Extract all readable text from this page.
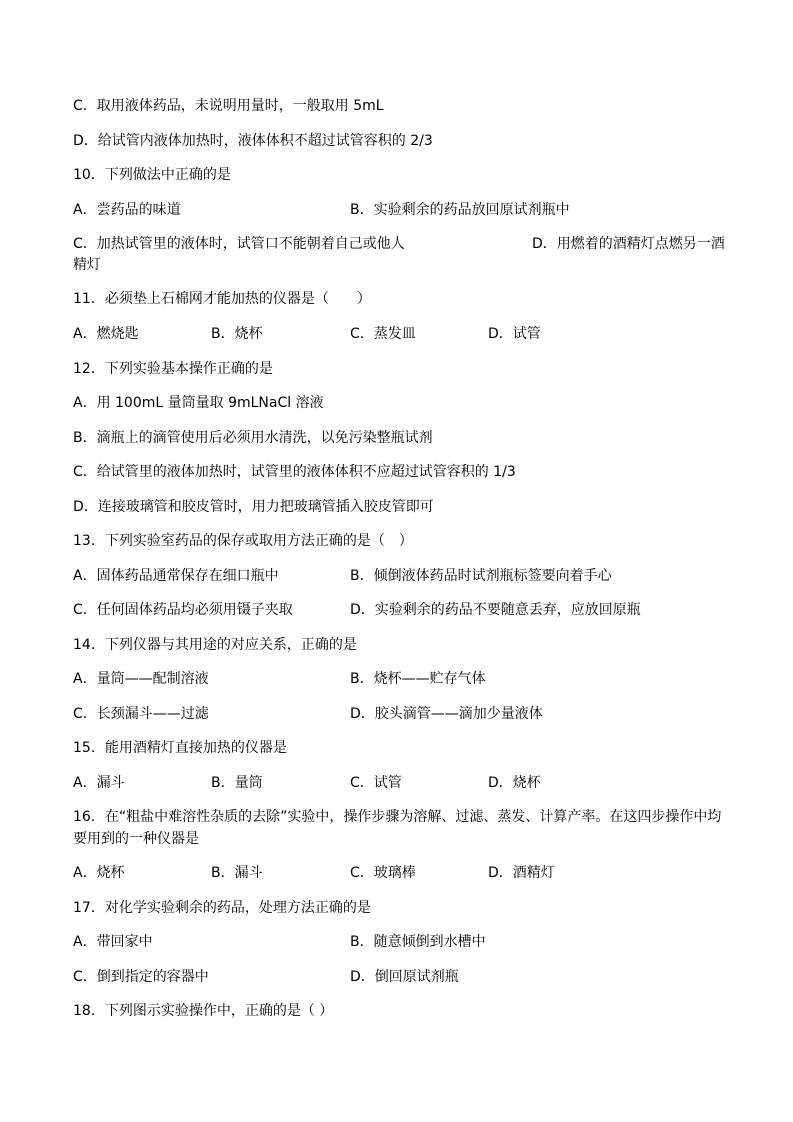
C．取用液体药品，未说明用量时，一般取用 5mL
D．给试管内液体加热时，液体体积不超过试管容积的 2/3
10．下列做法中正确的是
A．尝药品的味道	B．实验剩余的药品放回原试剂瓶中
C．加热试管里的液体时，试管口不能朝着自己或他人	D．用燃着的酒精灯点燃另一酒
精灯
11．必须垫上石棉网才能加热的仪器是（　　）
A．燃烧匙	B．烧杯	C．蒸发皿	D．试管
12．下列实验基本操作正确的是
A．用 100mL 量筒量取 9mLNaCl 溶液
B．滴瓶上的滴管使用后必须用水清洗，以免污染整瓶试剂
C．给试管里的液体加热时，试管里的液体体积不应超过试管容积的 1/3
D．连接玻璃管和胶皮管时，用力把玻璃管插入胶皮管即可
13．下列实验室药品的保存或取用方法正确的是（　）
A．固体药品通常保存在细口瓶中	B．倾倒液体药品时试剂瓶标签要向着手心
C．任何固体药品均必须用镊子夹取	D．实验剩余的药品不要随意丢弃，应放回原瓶
14．下列仪器与其用途的对应关系，正确的是
A．量筒——配制溶液	B．烧杯——贮存气体
C．长颈漏斗——过滤	D．胶头滴管——滴加少量液体
15．能用酒精灯直接加热的仪器是
A．漏斗	B．量筒	C．试管	D．烧杯
16．在“粗盐中难溶性杂质的去除”实验中，操作步骤为溶解、过滤、蒸发、计算产率。在这四步操作中均要用到的一种仪器是
A．烧杯	B．漏斗	C．玻璃棒	D．酒精灯
17．对化学实验剩余的药品，处理方法正确的是
A．带回家中	B．随意倾倒到水槽中
C．倒到指定的容器中	D．倒回原试剂瓶
18．下列图示实验操作中，正确的是（ ）
